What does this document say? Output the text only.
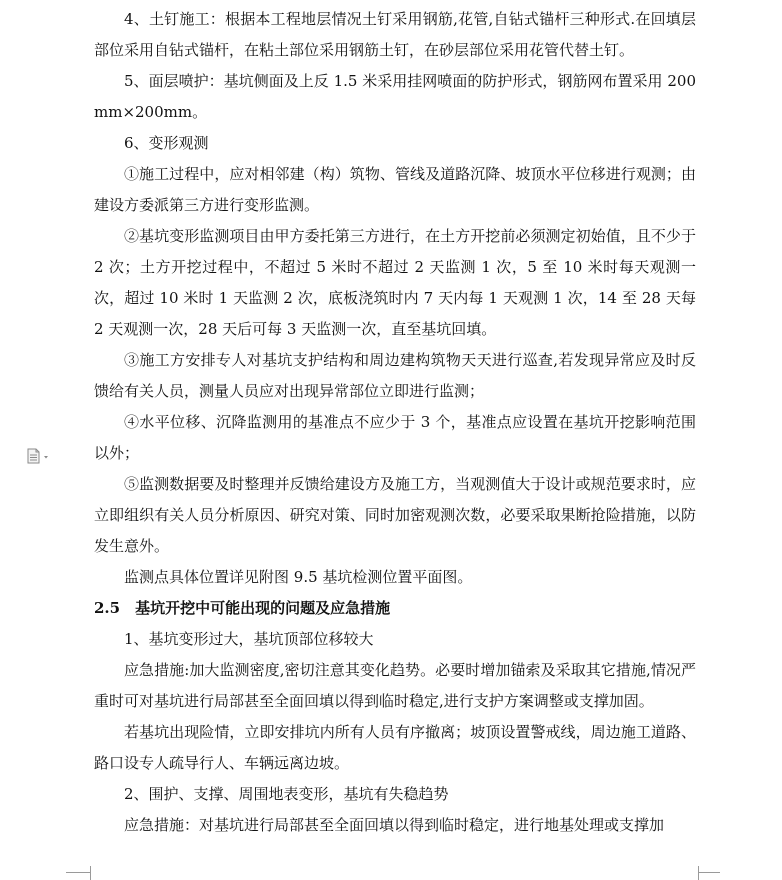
4、土钉施工：根据本工程地层情况土钉采用钢筋,花管,自钻式锚杆三种形式.在回填层部位采用自钻式锚杆，在粘土部位采用钢筋土钉，在砂层部位采用花管代替土钉。

5、面层喷护：基坑侧面及上反 1.5 米采用挂网喷面的防护形式，钢筋网布置采用 200mm×200mm。

6、变形观测

①施工过程中，应对相邻建（构）筑物、管线及道路沉降、坡顶水平位移进行观测；由建设方委派第三方进行变形监测。

②基坑变形监测项目由甲方委托第三方进行，在土方开挖前必须测定初始值，且不少于 2 次；土方开挖过程中，不超过 5 米时不超过 2 天监测 1 次，5 至 10 米时每天观测一次，超过 10 米时 1 天监测 2 次，底板浇筑时内 7 天内每 1 天观测 1 次，14 至 28 天每 2 天观测一次，28 天后可每 3 天监测一次，直至基坑回填。

③施工方安排专人对基坑支护结构和周边建构筑物天天进行巡查,若发现异常应及时反馈给有关人员，测量人员应对出现异常部位立即进行监测；

④水平位移、沉降监测用的基准点不应少于 3 个，基准点应设置在基坑开挖影响范围以外；

⑤监测数据要及时整理并反馈给建设方及施工方，当观测值大于设计或规范要求时，应立即组织有关人员分析原因、研究对策、同时加密观测次数，必要采取果断抢险措施，以防发生意外。

监测点具体位置详见附图 9.5 基坑检测位置平面图。

2.5　基坑开挖中可能出现的问题及应急措施

1、基坑变形过大，基坑顶部位移较大

应急措施:加大监测密度,密切注意其变化趋势。必要时增加锚索及采取其它措施,情况严重时可对基坑进行局部甚至全面回填以得到临时稳定,进行支护方案调整或支撑加固。

若基坑出现险情，立即安排坑内所有人员有序撤离；坡顶设置警戒线，周边施工道路、路口设专人疏导行人、车辆远离边坡。

2、围护、支撑、周围地表变形，基坑有失稳趋势

应急措施：对基坑进行局部甚至全面回填以得到临时稳定，进行地基处理或支撑加
